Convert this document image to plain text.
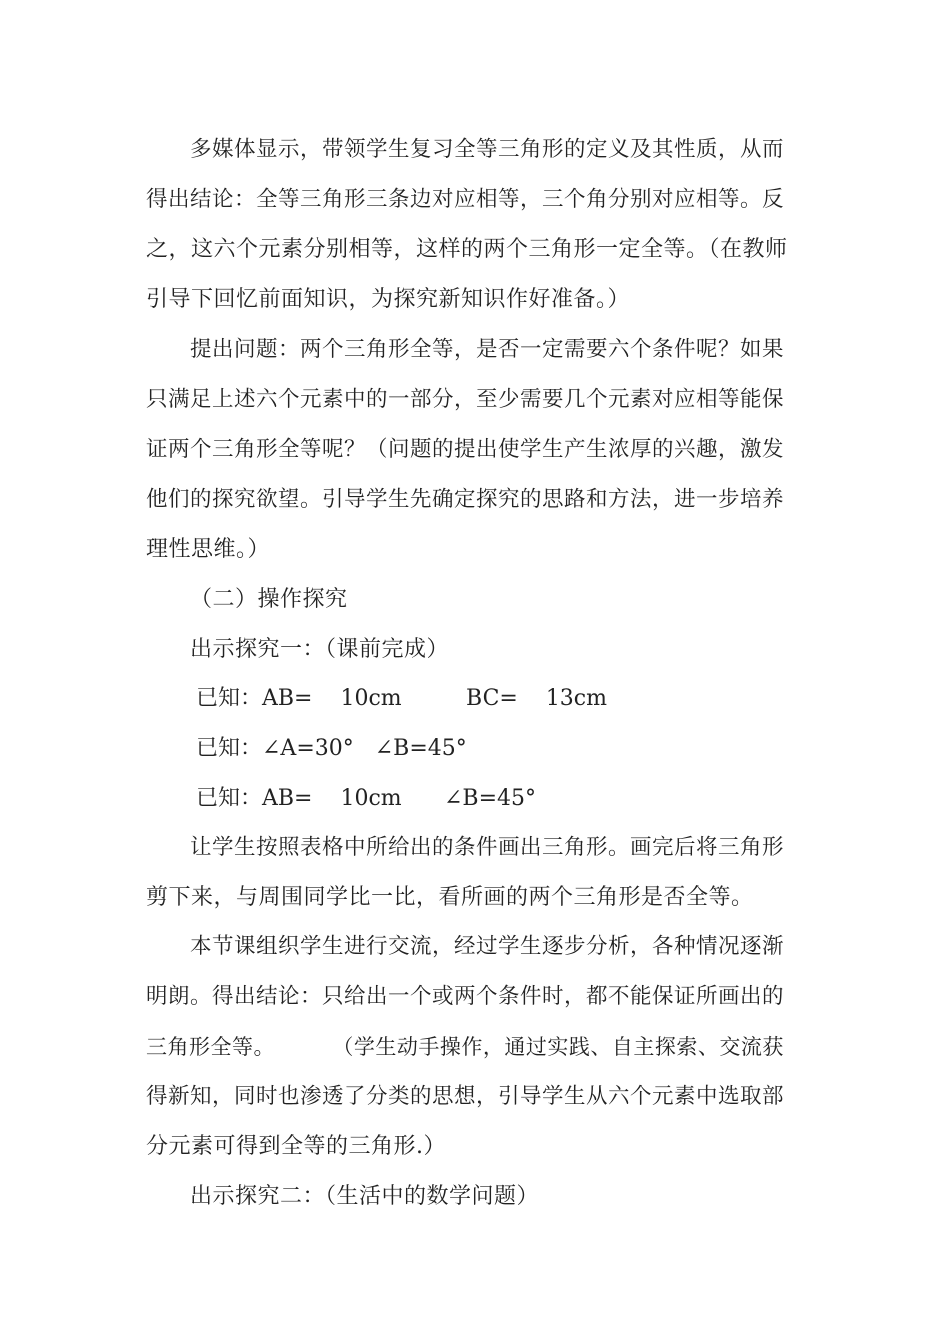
多媒体显示，带领学生复习全等三角形的定义及其性质，从而
得出结论：全等三角形三条边对应相等，三个角分别对应相等。反
之，这六个元素分别相等，这样的两个三角形一定全等。（在教师
引导下回忆前面知识，为探究新知识作好准备。）
提出问题：两个三角形全等，是否一定需要六个条件呢？如果
只满足上述六个元素中的一部分，至少需要几个元素对应相等能保
证两个三角形全等呢？（问题的提出使学生产生浓厚的兴趣，激发
他们的探究欲望。引导学生先确定探究的思路和方法，进一步培养
理性思维。）
（二）操作探究
出示探究一：（课前完成）
已知：AB=    10cm	BC=    13cm
已知：∠A=30°   ∠B=45°
已知：AB=    10cm ∠B=45°
让学生按照表格中所给出的条件画出三角形。画完后将三角形
剪下来，与周围同学比一比，看所画的两个三角形是否全等。
本节课组织学生进行交流，经过学生逐步分析，各种情况逐渐
明朗。得出结论：只给出一个或两个条件时，都不能保证所画出的
三角形全等。        （学生动手操作，通过实践、自主探索、交流获
得新知，同时也渗透了分类的思想，引导学生从六个元素中选取部
分元素可得到全等的三角形.）
出示探究二：（生活中的数学问题）
